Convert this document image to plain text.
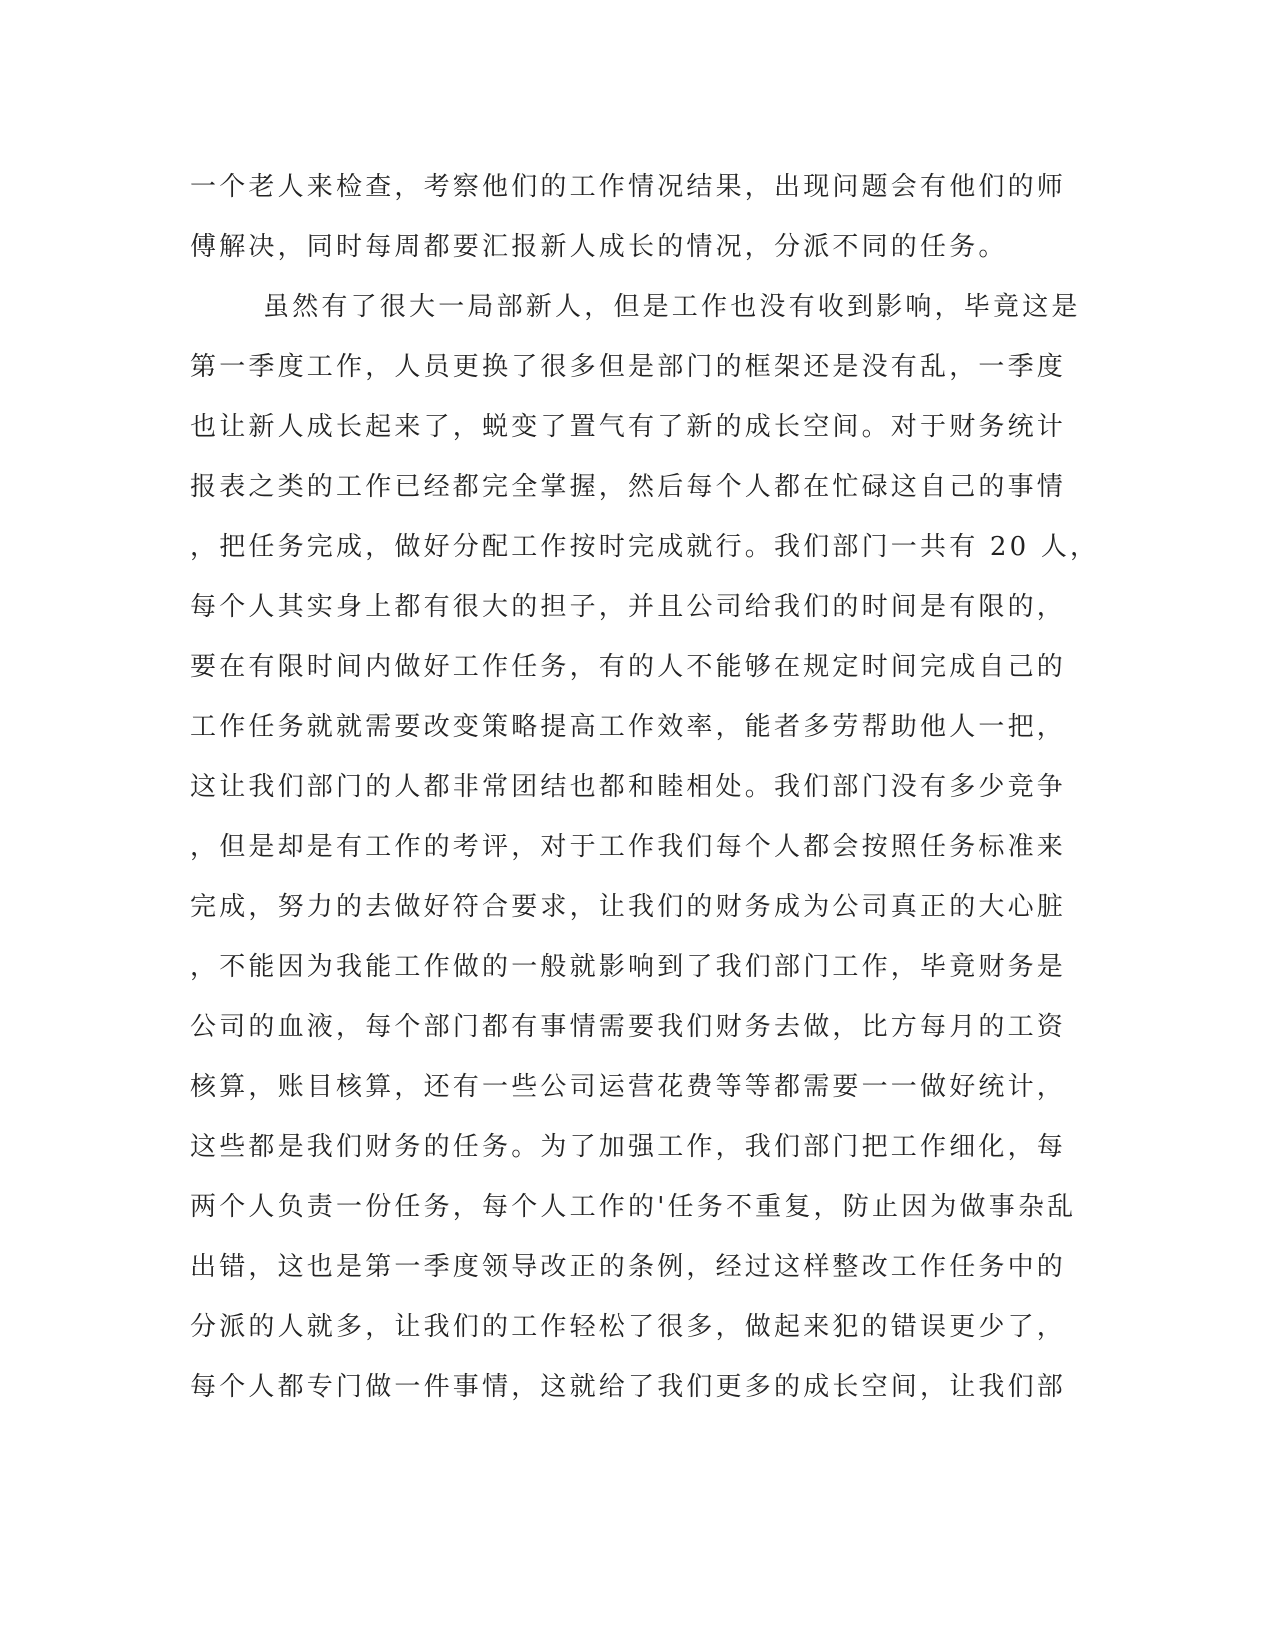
一个老人来检查，考察他们的工作情况结果，出现问题会有他们的师
傅解决，同时每周都要汇报新人成长的情况，分派不同的任务。
虽然有了很大一局部新人，但是工作也没有收到影响，毕竟这是
第一季度工作，人员更换了很多但是部门的框架还是没有乱，一季度
也让新人成长起来了，蜕变了置气有了新的成长空间。对于财务统计
报表之类的工作已经都完全掌握，然后每个人都在忙碌这自己的事情
，把任务完成，做好分配工作按时完成就行。我们部门一共有 20 人，
每个人其实身上都有很大的担子，并且公司给我们的时间是有限的，
要在有限时间内做好工作任务，有的人不能够在规定时间完成自己的
工作任务就就需要改变策略提高工作效率，能者多劳帮助他人一把，
这让我们部门的人都非常团结也都和睦相处。我们部门没有多少竞争
，但是却是有工作的考评，对于工作我们每个人都会按照任务标准来
完成，努力的去做好符合要求，让我们的财务成为公司真正的大心脏
，不能因为我能工作做的一般就影响到了我们部门工作，毕竟财务是
公司的血液，每个部门都有事情需要我们财务去做，比方每月的工资
核算，账目核算，还有一些公司运营花费等等都需要一一做好统计，
这些都是我们财务的任务。为了加强工作，我们部门把工作细化，每
两个人负责一份任务，每个人工作的'任务不重复，防止因为做事杂乱
出错，这也是第一季度领导改正的条例，经过这样整改工作任务中的
分派的人就多，让我们的工作轻松了很多，做起来犯的错误更少了，
每个人都专门做一件事情，这就给了我们更多的成长空间，让我们部
